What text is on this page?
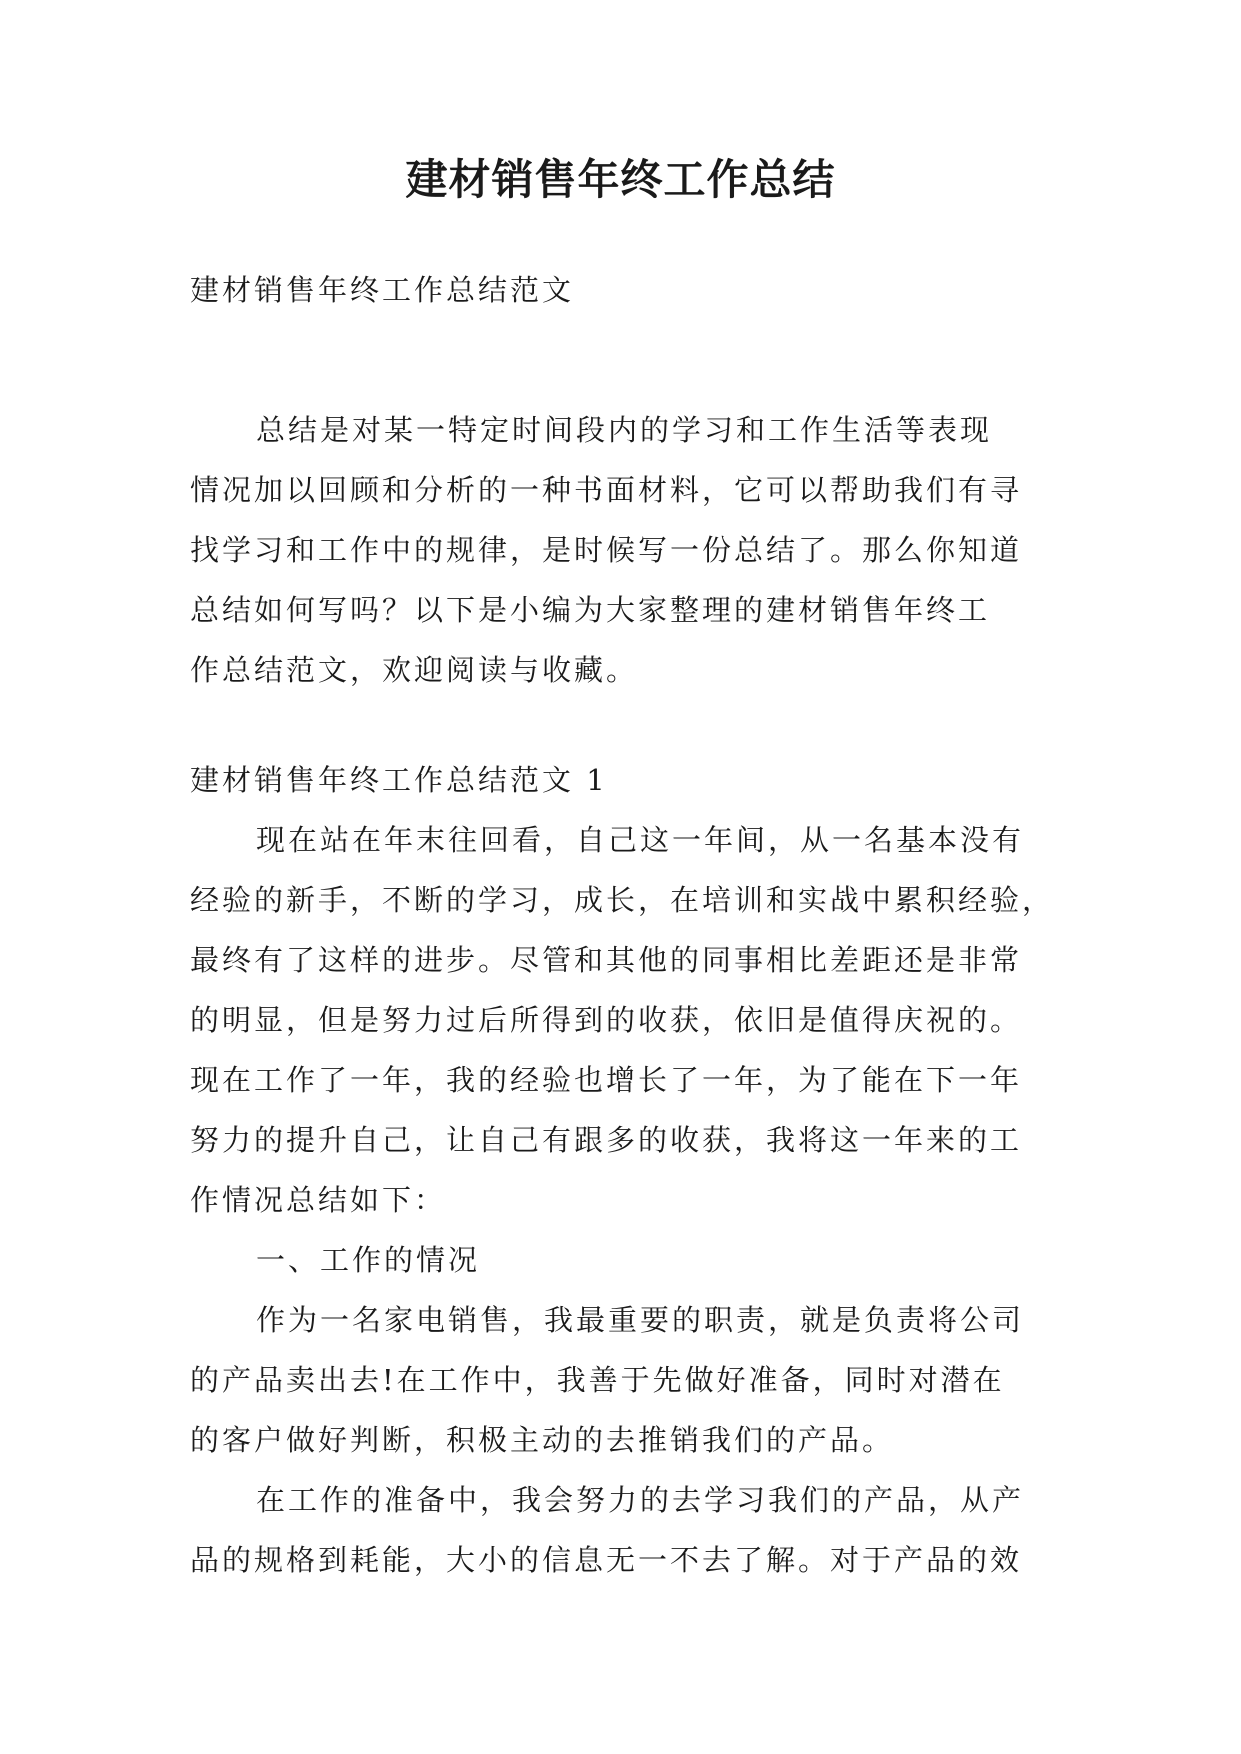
建材销售年终工作总结

建材销售年终工作总结范文

总结是对某一特定时间段内的学习和工作生活等表现
情况加以回顾和分析的一种书面材料，它可以帮助我们有寻
找学习和工作中的规律，是时候写一份总结了。那么你知道
总结如何写吗？以下是小编为大家整理的建材销售年终工
作总结范文，欢迎阅读与收藏。

建材销售年终工作总结范文 1

现在站在年末往回看，自己这一年间，从一名基本没有
经验的新手，不断的学习，成长，在培训和实战中累积经验，
最终有了这样的进步。尽管和其他的同事相比差距还是非常
的明显，但是努力过后所得到的收获，依旧是值得庆祝的。
现在工作了一年，我的经验也增长了一年，为了能在下一年
努力的提升自己，让自己有跟多的收获，我将这一年来的工
作情况总结如下：
一、工作的情况
作为一名家电销售，我最重要的职责，就是负责将公司
的产品卖出去!在工作中，我善于先做好准备，同时对潜在
的客户做好判断，积极主动的去推销我们的产品。
在工作的准备中，我会努力的去学习我们的产品，从产
品的规格到耗能，大小的信息无一不去了解。对于产品的效
